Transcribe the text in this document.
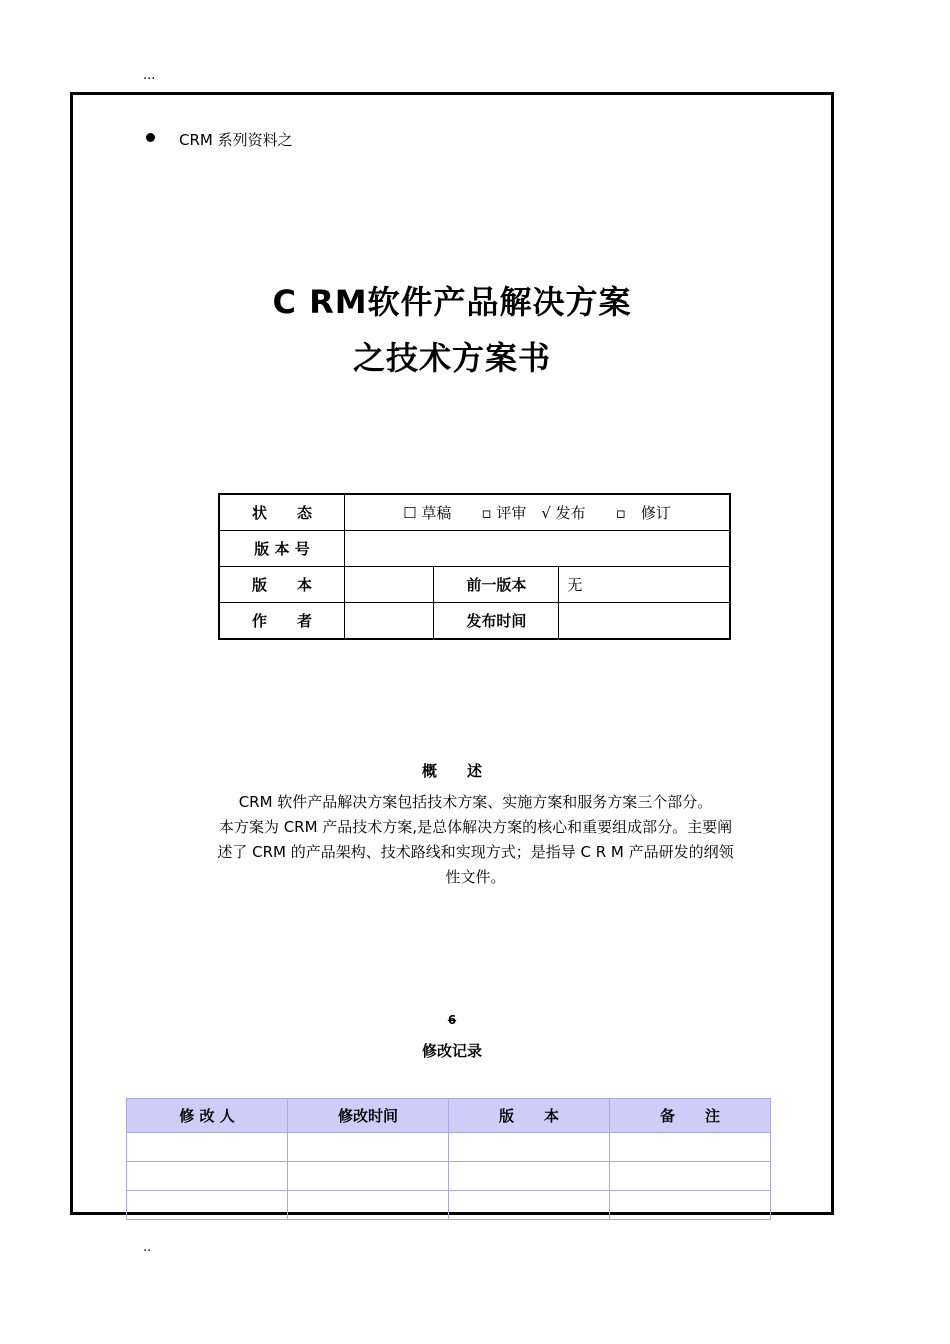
...
CRM 系列资料之
C RM软件产品解决方案
之技术方案书
状　　态	☐ 草稿　　▫ 评审　√ 发布　　▫　修订		
版 本 号			
版　　本		前一版本	无
作　　者		发布时间	
概　　述
CRM 软件产品解决方案包括技术方案、实施方案和服务方案三个部分。
本方案为 CRM 产品技术方案,是总体解决方案的核心和重要组成部分。主要阐
述了 CRM 的产品架构、技术路线和实现方式；是指导 C R M 产品研发的纲领
性文件。
6
修改记录
修 改 人	修改时间	版　　本	备　　注

..
